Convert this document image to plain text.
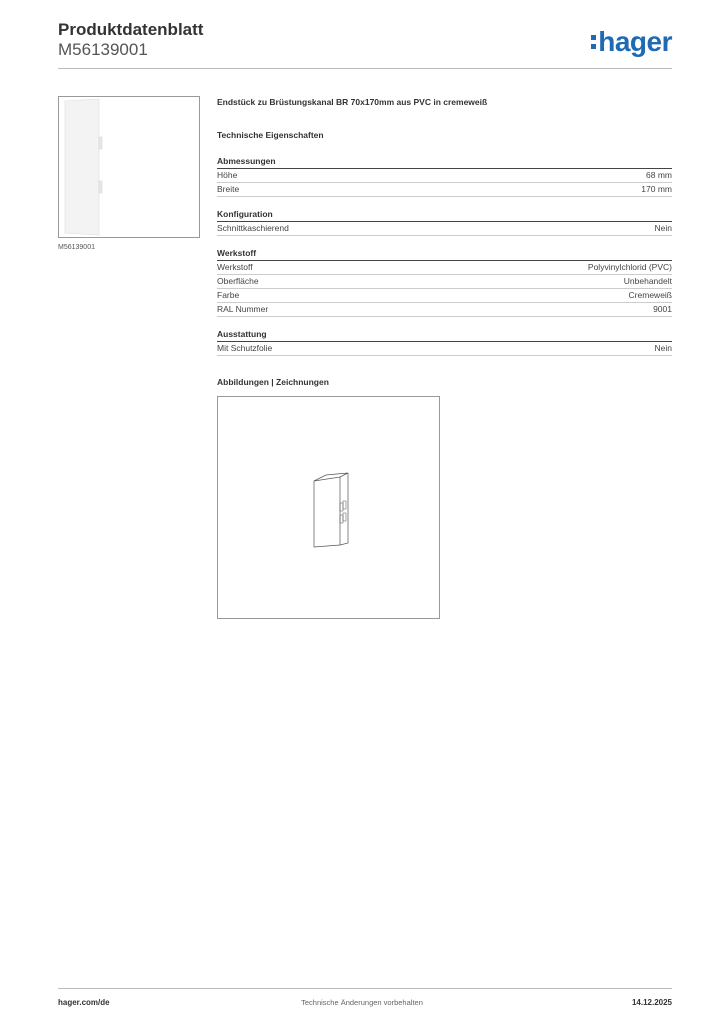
Produktdatenblatt
M56139001	hager
M56139001
Endstück zu Brüstungskanal BR 70x170mm aus PVC in cremeweiß
Technische Eigenschaften
Abmessungen
Höhe	68 mm
Breite	170 mm
Konfiguration
Schnittkaschierend	Nein
Werkstoff
Werkstoff	Polyvinylchlorid (PVC)
Oberfläche	Unbehandelt
Farbe	Cremeweiß
RAL Nummer	9001
Ausstattung
Mit Schutzfolie	Nein
Abbildungen | Zeichnungen
hager.com/de	Technische Änderungen vorbehalten	14.12.2025
